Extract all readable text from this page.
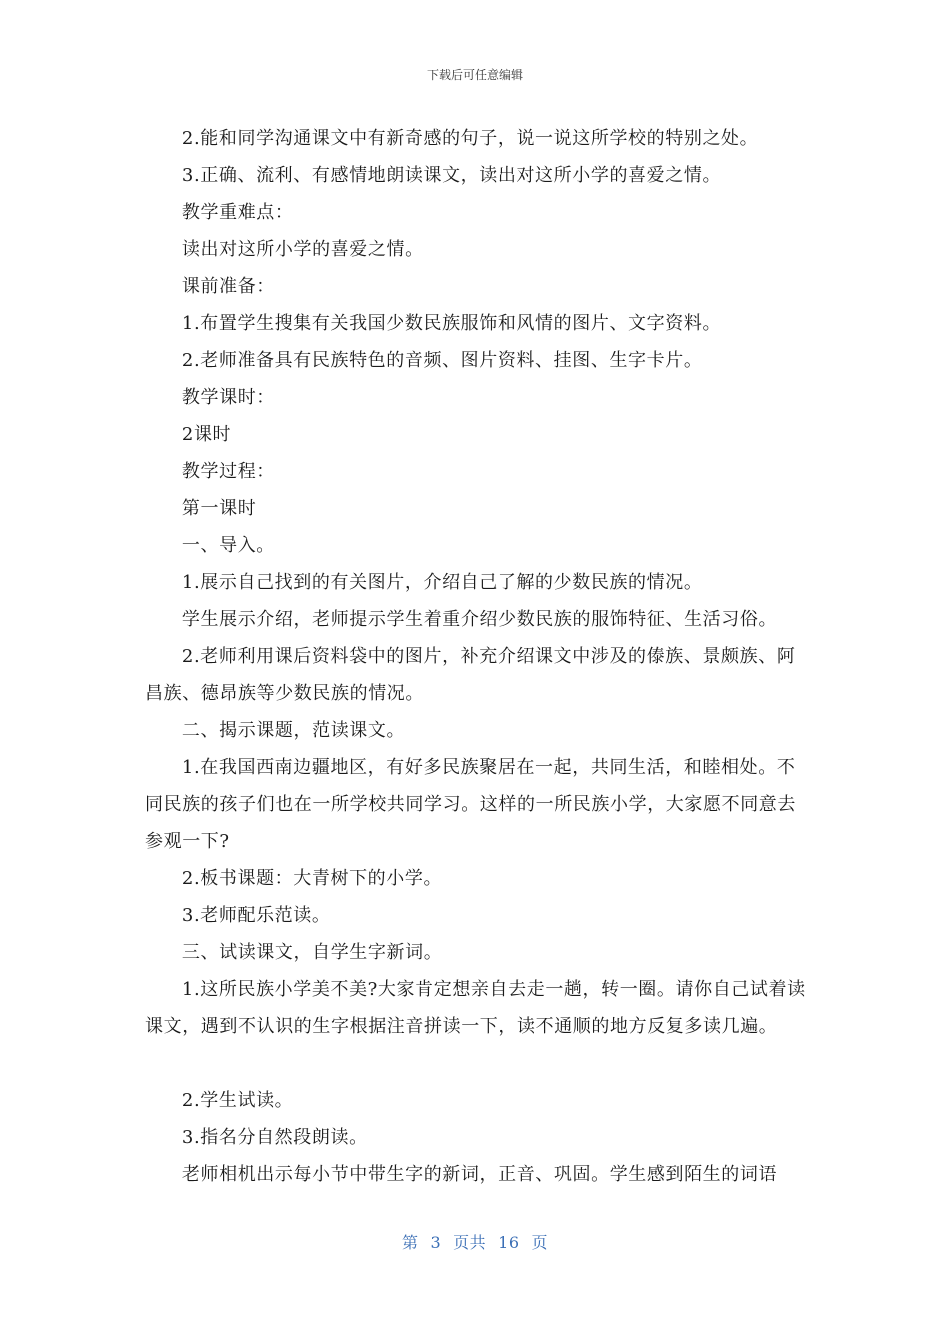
下载后可任意编辑

2.能和同学沟通课文中有新奇感的句子，说一说这所学校的特别之处。

3.正确、流利、有感情地朗读课文，读出对这所小学的喜爱之情。

教学重难点：

读出对这所小学的喜爱之情。

课前准备：

1.布置学生搜集有关我国少数民族服饰和风情的图片、文字资料。

2.老师准备具有民族特色的音频、图片资料、挂图、生字卡片。

教学课时：

2课时

教学过程：

第一课时

一、导入。

1.展示自己找到的有关图片，介绍自己了解的少数民族的情况。

学生展示介绍，老师提示学生着重介绍少数民族的服饰特征、生活习俗。

2.老师利用课后资料袋中的图片，补充介绍课文中涉及的傣族、景颇族、阿昌族、德昂族等少数民族的情况。

二、揭示课题，范读课文。

1.在我国西南边疆地区，有好多民族聚居在一起，共同生活，和睦相处。不同民族的孩子们也在一所学校共同学习。这样的一所民族小学，大家愿不同意去参观一下?

2.板书课题：大青树下的小学。

3.老师配乐范读。

三、试读课文，自学生字新词。

1.这所民族小学美不美?大家肯定想亲自去走一趟，转一圈。请你自己试着读课文，遇到不认识的生字根据注音拼读一下，读不通顺的地方反复多读几遍。

2.学生试读。

3.指名分自然段朗读。

老师相机出示每小节中带生字的新词，正音、巩固。学生感到陌生的词语

第 3 页共 16 页
